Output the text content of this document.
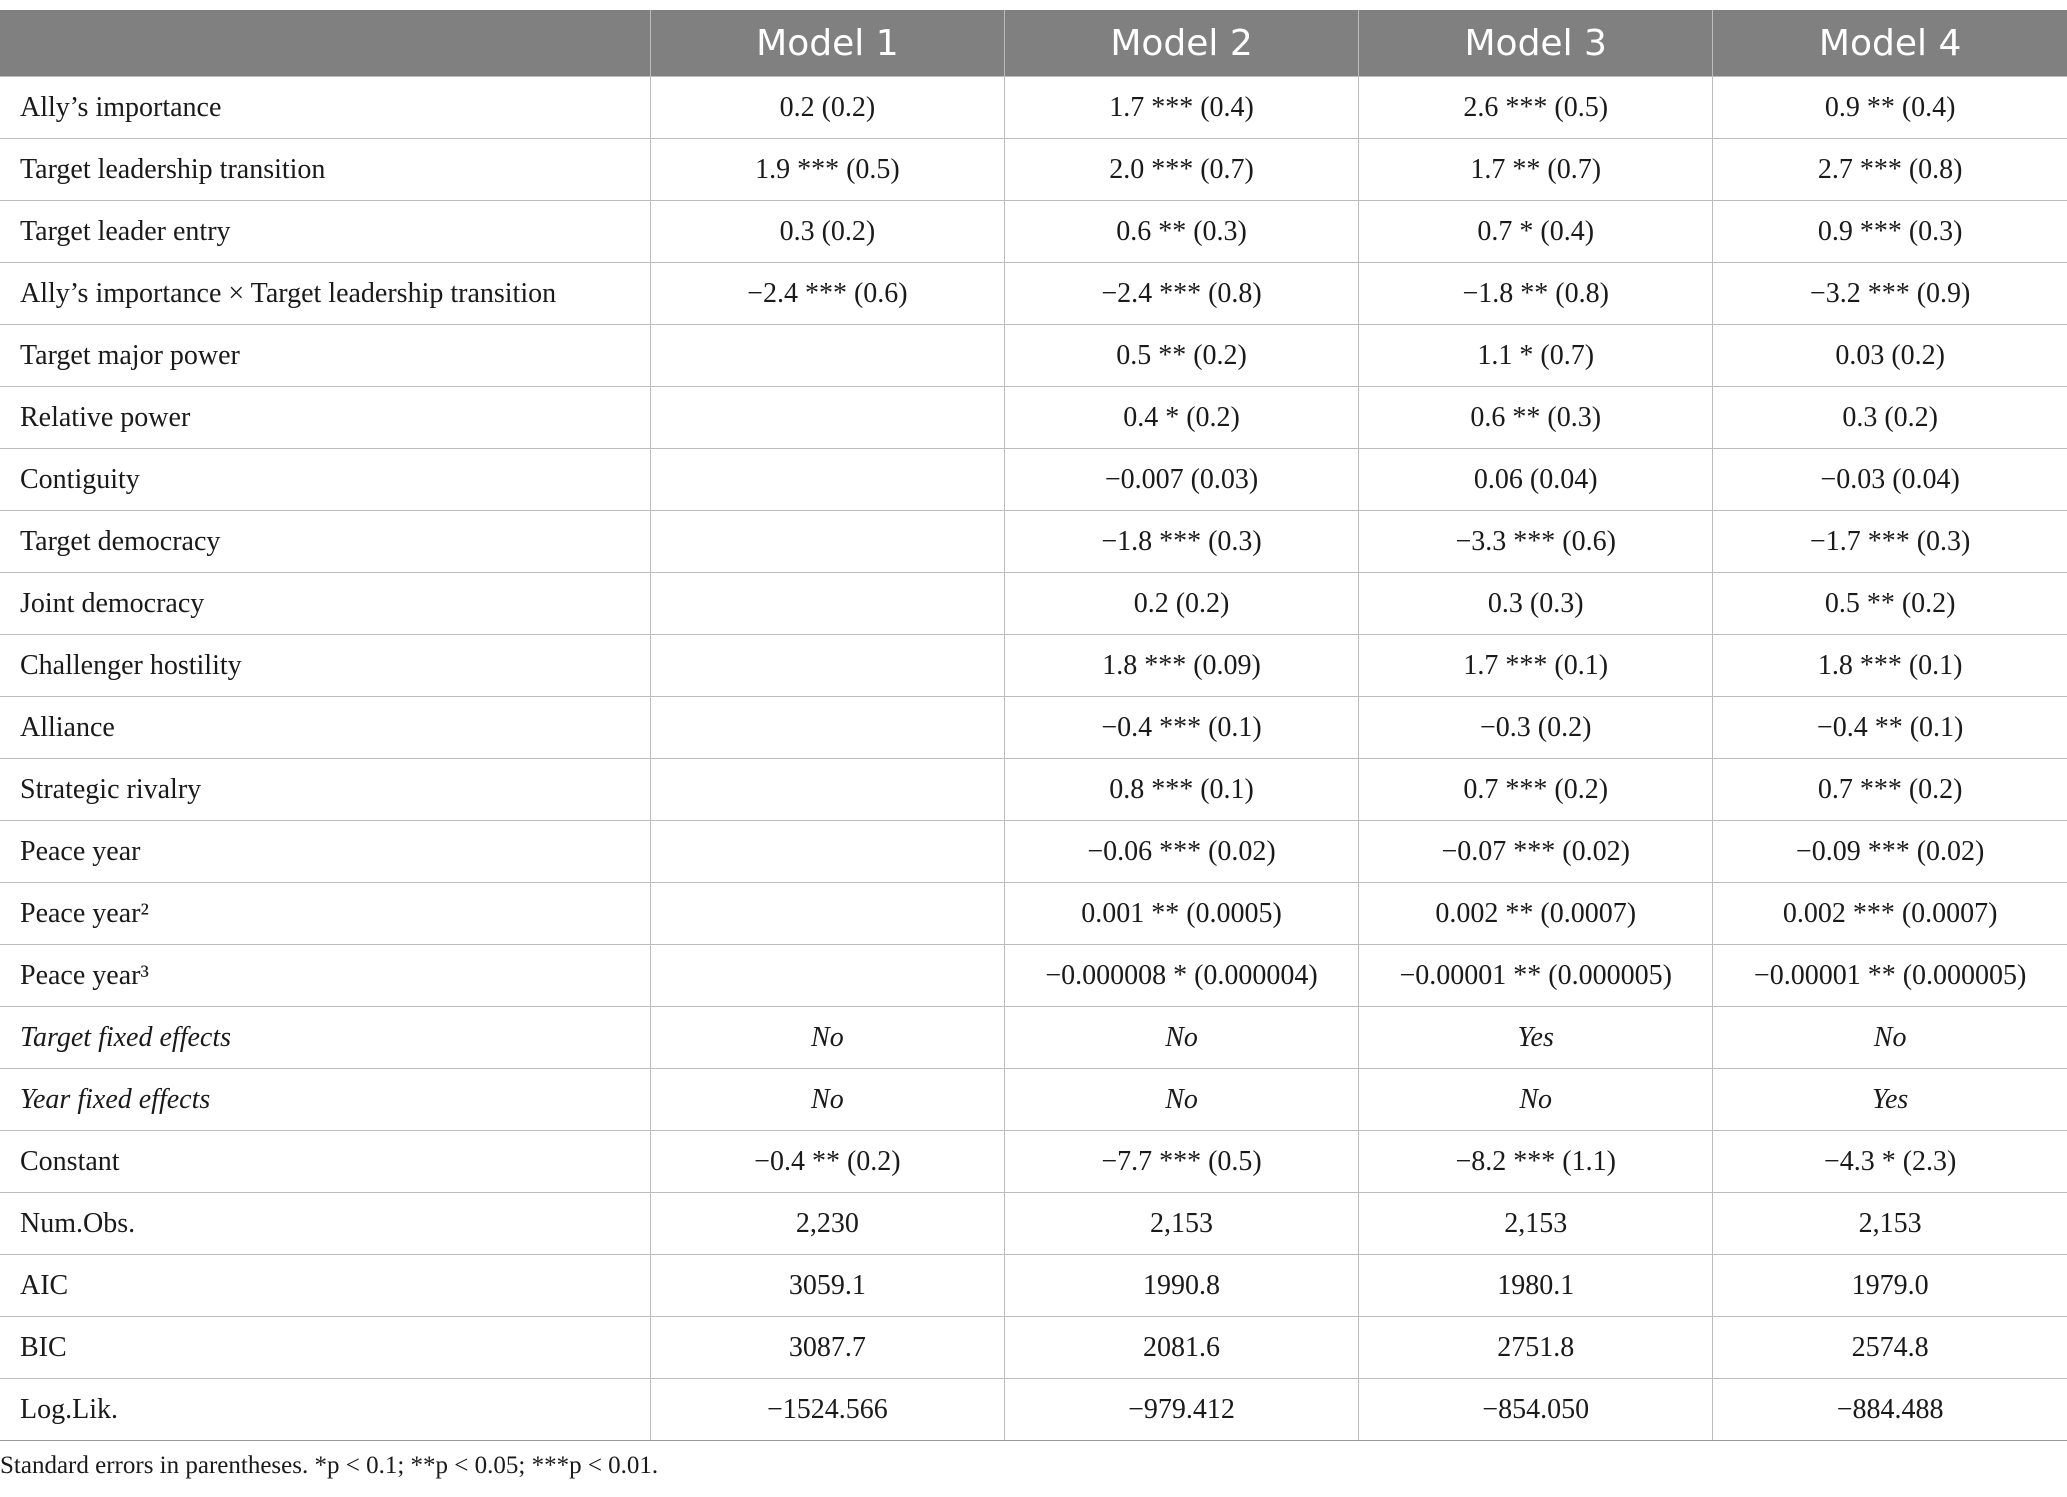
	Model 1	Model 2	Model 3	Model 4
Ally’s importance	0.2 (0.2)	1.7 *** (0.4)	2.6 *** (0.5)	0.9 ** (0.4)
Target leadership transition	1.9 *** (0.5)	2.0 *** (0.7)	1.7 ** (0.7)	2.7 *** (0.8)
Target leader entry	0.3 (0.2)	0.6 ** (0.3)	0.7 * (0.4)	0.9 *** (0.3)
Ally’s importance × Target leadership transition	−2.4 *** (0.6)	−2.4 *** (0.8)	−1.8 ** (0.8)	−3.2 *** (0.9)
Target major power		0.5 ** (0.2)	1.1 * (0.7)	0.03 (0.2)
Relative power		0.4 * (0.2)	0.6 ** (0.3)	0.3 (0.2)
Contiguity		−0.007 (0.03)	0.06 (0.04)	−0.03 (0.04)
Target democracy		−1.8 *** (0.3)	−3.3 *** (0.6)	−1.7 *** (0.3)
Joint democracy		0.2 (0.2)	0.3 (0.3)	0.5 ** (0.2)
Challenger hostility		1.8 *** (0.09)	1.7 *** (0.1)	1.8 *** (0.1)
Alliance		−0.4 *** (0.1)	−0.3 (0.2)	−0.4 ** (0.1)
Strategic rivalry		0.8 *** (0.1)	0.7 *** (0.2)	0.7 *** (0.2)
Peace year		−0.06 *** (0.02)	−0.07 *** (0.02)	−0.09 *** (0.02)
Peace year²		0.001 ** (0.0005)	0.002 ** (0.0007)	0.002 *** (0.0007)
Peace year³		−0.000008 * (0.000004)	−0.00001 ** (0.000005)	−0.00001 ** (0.000005)
Target fixed effects	No	No	Yes	No
Year fixed effects	No	No	No	Yes
Constant	−0.4 ** (0.2)	−7.7 *** (0.5)	−8.2 *** (1.1)	−4.3 * (2.3)
Num.Obs.	2,230	2,153	2,153	2,153
AIC	3059.1	1990.8	1980.1	1979.0
BIC	3087.7	2081.6	2751.8	2574.8
Log.Lik.	−1524.566	−979.412	−854.050	−884.488
Standard errors in parentheses. *p < 0.1; **p < 0.05; ***p < 0.01.
